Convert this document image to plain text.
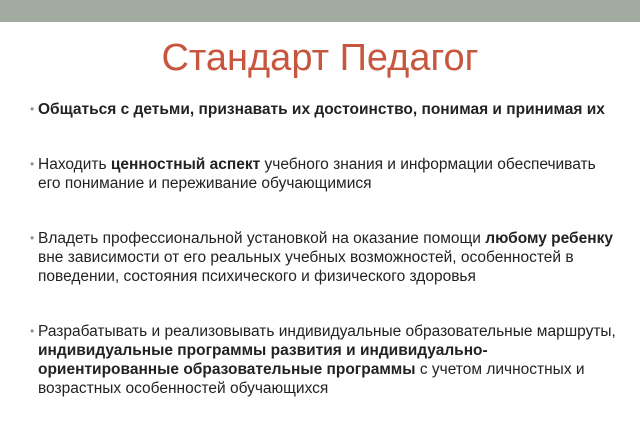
Стандарт Педагог
• Общаться с детьми, признавать их достоинство, понимая и принимая их
• Находить ценностный аспект учебного знания и информации обеспечивать его понимание и переживание обучающимися
• Владеть профессиональной установкой на оказание помощи любому ребенку вне зависимости от его реальных учебных возможностей, особенностей в поведении, состояния психического и физического здоровья
• Разрабатывать и реализовывать индивидуальные образовательные маршруты, индивидуальные программы развития и индивидуально-ориентированные образовательные программы с учетом личностных и возрастных особенностей обучающихся
